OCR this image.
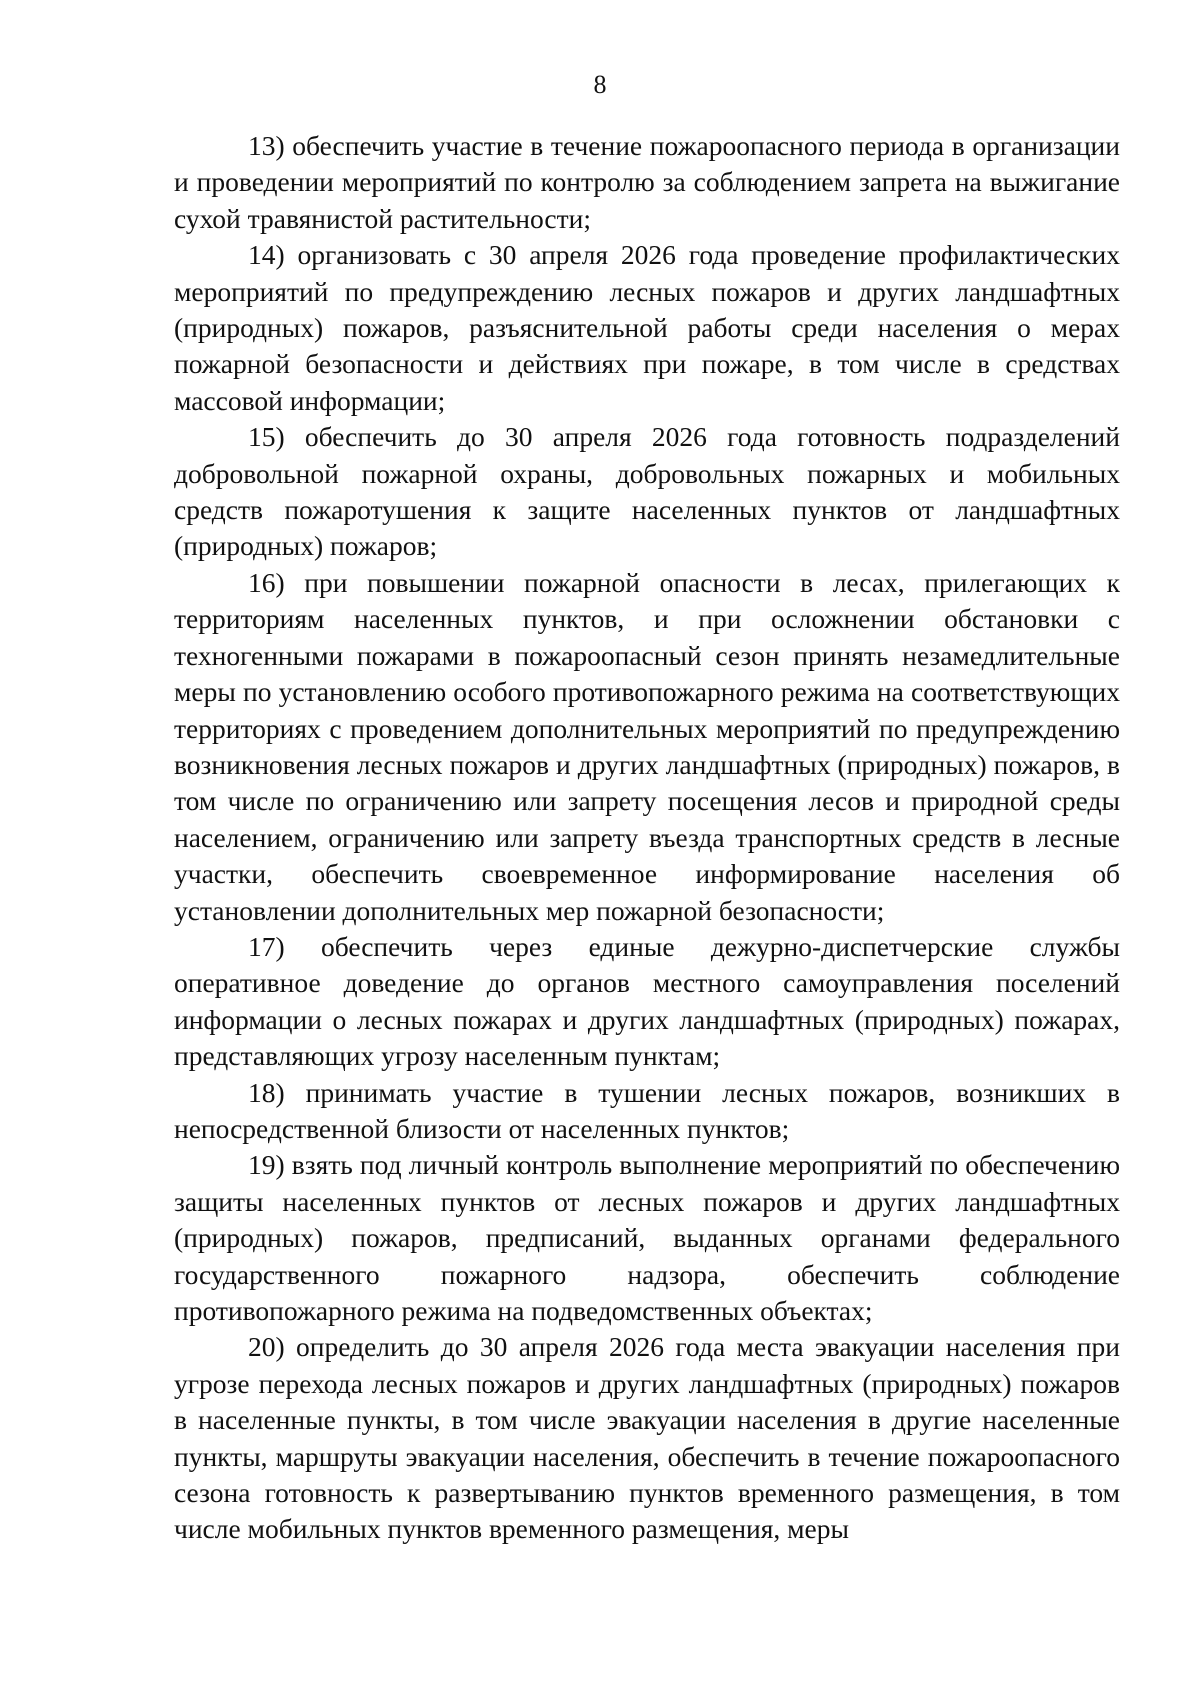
8

13) обеспечить участие в течение пожароопасного периода в организации и проведении мероприятий по контролю за соблюдением запрета на выжигание сухой травянистой растительности;

14) организовать с 30 апреля 2026 года проведение профилактических мероприятий по предупреждению лесных пожаров и других ландшафтных (природных) пожаров, разъяснительной работы среди населения о мерах пожарной безопасности и действиях при пожаре, в том числе в средствах массовой информации;

15) обеспечить до 30 апреля 2026 года готовность подразделений добровольной пожарной охраны, добровольных пожарных и мобильных средств пожаротушения к защите населенных пунктов от ландшафтных (природных) пожаров;

16) при повышении пожарной опасности в лесах, прилегающих к территориям населенных пунктов, и при осложнении обстановки с техногенными пожарами в пожароопасный сезон принять незамедлительные меры по установлению особого противопожарного режима на соответствующих территориях с проведением дополнительных мероприятий по предупреждению возникновения лесных пожаров и других ландшафтных (природных) пожаров, в том числе по ограничению или запрету посещения лесов и природной среды населением, ограничению или запрету въезда транспортных средств в лесные участки, обеспечить своевременное информирование населения об установлении дополнительных мер пожарной безопасности;

17) обеспечить через единые дежурно-диспетчерские службы оперативное доведение до органов местного самоуправления поселений информации о лесных пожарах и других ландшафтных (природных) пожарах, представляющих угрозу населенным пунктам;

18) принимать участие в тушении лесных пожаров, возникших в непосредственной близости от населенных пунктов;

19) взять под личный контроль выполнение мероприятий по обеспечению защиты населенных пунктов от лесных пожаров и других ландшафтных (природных) пожаров, предписаний, выданных органами федерального государственного пожарного надзора, обеспечить соблюдение противопожарного режима на подведомственных объектах;

20) определить до 30 апреля 2026 года места эвакуации населения при угрозе перехода лесных пожаров и других ландшафтных (природных) пожаров в населенные пункты, в том числе эвакуации населения в другие населенные пункты, маршруты эвакуации населения, обеспечить в течение пожароопасного сезона готовность к развертыванию пунктов временного размещения, в том числе мобильных пунктов временного размещения, меры
